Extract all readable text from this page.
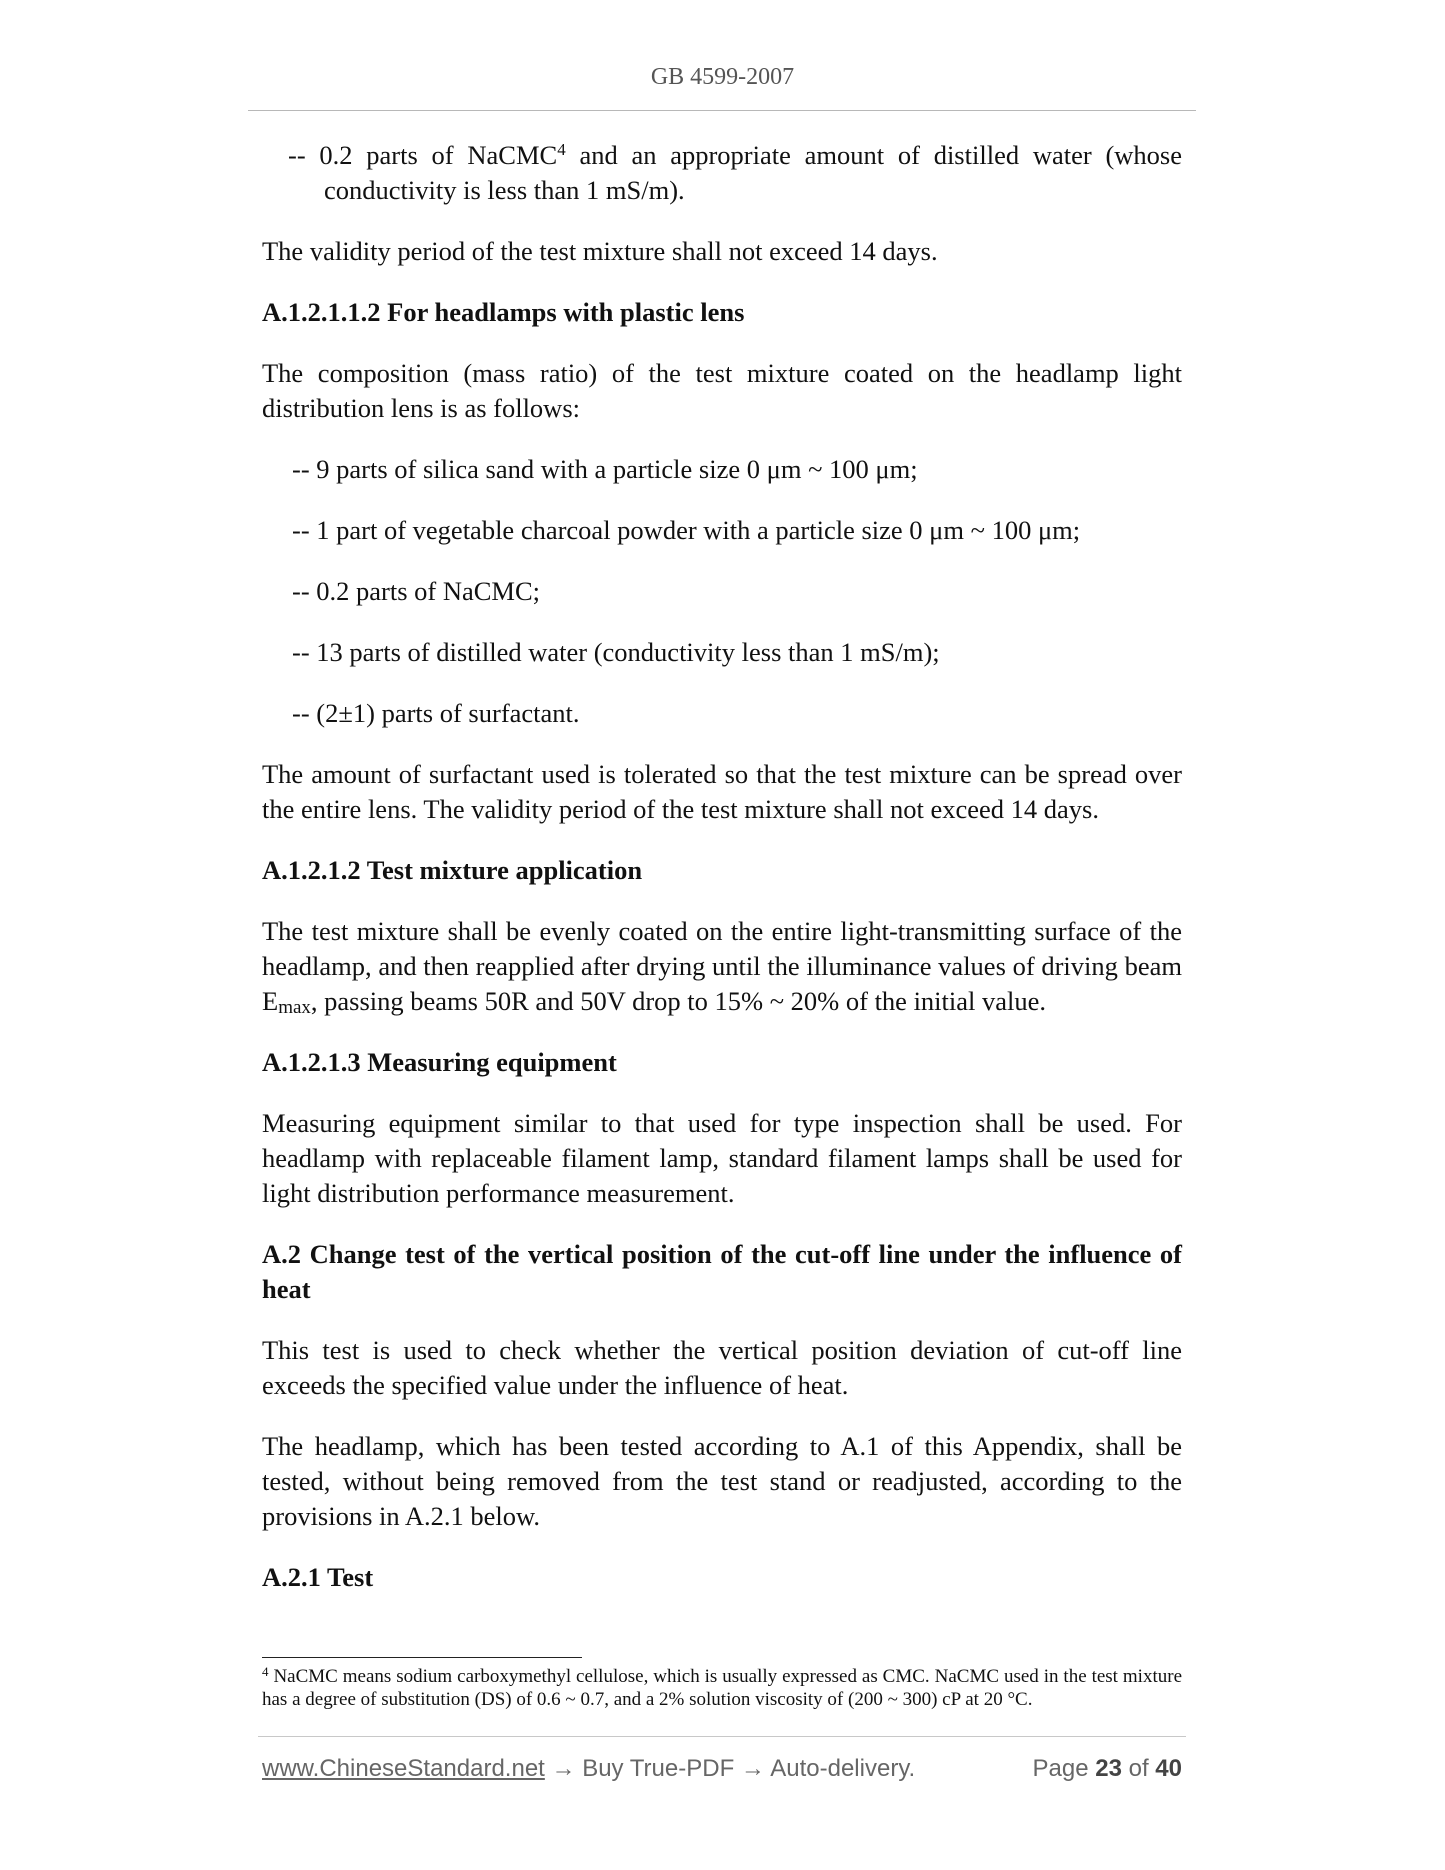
GB 4599-2007

-- 0.2 parts of NaCMC$^4$ and an appropriate amount of distilled water (whose conductivity is less than 1 mS/m).

The validity period of the test mixture shall not exceed 14 days.

A.1.2.1.1.2 For headlamps with plastic lens

The composition (mass ratio) of the test mixture coated on the headlamp light distribution lens is as follows:

-- 9 parts of silica sand with a particle size 0 μm ~ 100 μm;

-- 1 part of vegetable charcoal powder with a particle size 0 μm ~ 100 μm;

-- 0.2 parts of NaCMC;

-- 13 parts of distilled water (conductivity less than 1 mS/m);

-- (2±1) parts of surfactant.

The amount of surfactant used is tolerated so that the test mixture can be spread over the entire lens. The validity period of the test mixture shall not exceed 14 days.

A.1.2.1.2 Test mixture application

The test mixture shall be evenly coated on the entire light-transmitting surface of the headlamp, and then reapplied after drying until the illuminance values of driving beam $E_{max}$, passing beams 50R and 50V drop to 15% ~ 20% of the initial value.

A.1.2.1.3 Measuring equipment

Measuring equipment similar to that used for type inspection shall be used. For headlamp with replaceable filament lamp, standard filament lamps shall be used for light distribution performance measurement.

A.2 Change test of the vertical position of the cut-off line under the influence of heat

This test is used to check whether the vertical position deviation of cut-off line exceeds the specified value under the influence of heat.

The headlamp, which has been tested according to A.1 of this Appendix, shall be tested, without being removed from the test stand or readjusted, according to the provisions in A.2.1 below.

A.2.1 Test

$^4$ NaCMC means sodium carboxymethyl cellulose, which is usually expressed as CMC. NaCMC used in the test mixture has a degree of substitution (DS) of 0.6 ~ 0.7, and a 2% solution viscosity of (200 ~ 300) cP at 20 °C.
www.ChineseStandard.net → Buy True-PDF → Auto-delivery.	Page 23 of 40
